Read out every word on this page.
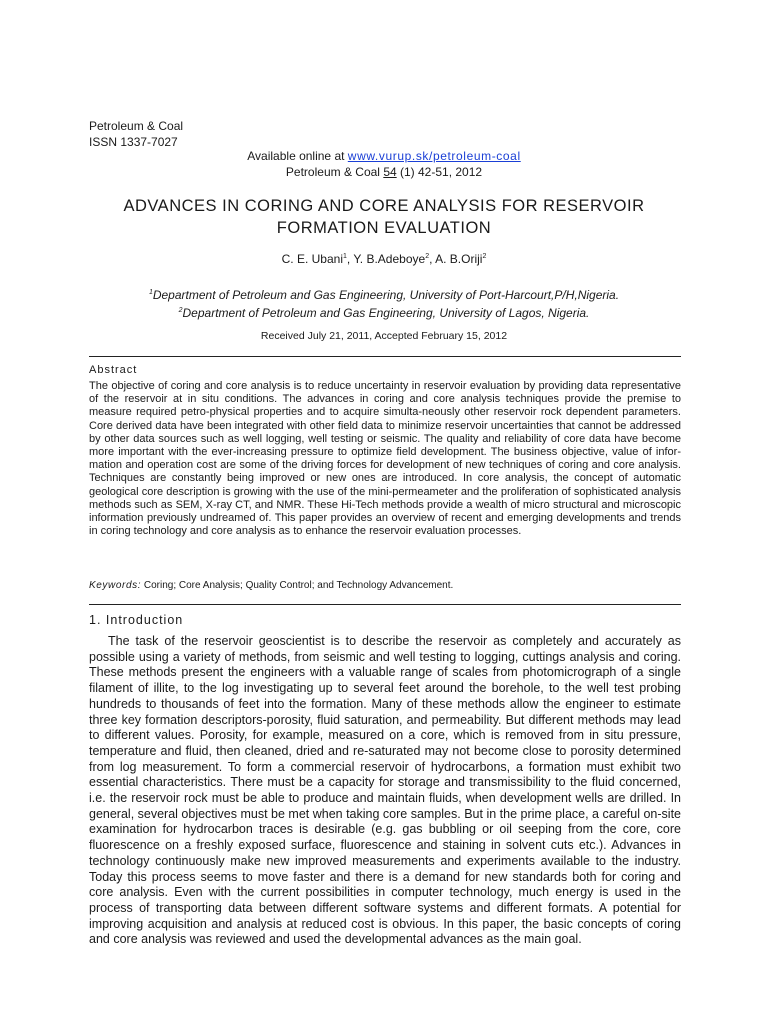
Petroleum & Coal
ISSN 1337-7027
Available online at www.vurup.sk/petroleum-coal
Petroleum & Coal 54 (1) 42-51, 2012
ADVANCES IN CORING AND CORE ANALYSIS FOR RESERVOIR
FORMATION EVALUATION
C. E. Ubani$^1$, Y. B.Adeboye$^2$, A. B.Oriji$^2$
$^1$Department of Petroleum and Gas Engineering, University of Port-Harcourt,P/H,Nigeria.
$^2$Department of Petroleum and Gas Engineering, University of Lagos, Nigeria.
Received July 21, 2011, Accepted February 15, 2012
Abstract

The objective of coring and core analysis is to reduce uncertainty in reservoir evaluation by providing data representative of the reservoir at in situ conditions. The advances in coring and core analysis techniques provide the premise to measure required petro-physical properties and to acquire simulta-neously other reservoir rock dependent parameters. Core derived data have been integrated with other field data to minimize reservoir uncertainties that cannot be addressed by other data sources such as well logging, well testing or seismic. The quality and reliability of core data have become more important with the ever-increasing pressure to optimize field development. The business objective, value of infor-mation and operation cost are some of the driving forces for development of new techniques of coring and core analysis. Techniques are constantly being improved or new ones are introduced. In core analysis, the concept of automatic geological core description is growing with the use of the mini-permeameter and the proliferation of sophisticated analysis methods such as SEM, X-ray CT, and NMR. These Hi-Tech methods provide a wealth of micro structural and microscopic information previously undreamed of. This paper provides an overview of recent and emerging developments and trends in coring technology and core analysis as to enhance the reservoir evaluation processes.

Keywords: Coring; Core Analysis; Quality Control; and Technology Advancement.
1. Introduction

The task of the reservoir geoscientist is to describe the reservoir as completely and accurately as possible using a variety of methods, from seismic and well testing to logging, cuttings analysis and coring. These methods present the engineers with a valuable range of scales from photomicrograph of a single filament of illite, to the log investigating up to several feet around the borehole, to the well test probing hundreds to thousands of feet into the formation. Many of these methods allow the engineer to estimate three key formation descriptors-porosity, fluid saturation, and permeability. But different methods may lead to different values. Porosity, for example, measured on a core, which is removed from in situ pressure, temperature and fluid, then cleaned, dried and re-saturated may not become close to porosity determined from log measurement. To form a commercial reservoir of hydrocarbons, a formation must exhibit two essential characteristics. There must be a capacity for storage and transmissibility to the fluid concerned, i.e. the reservoir rock must be able to produce and maintain fluids, when development wells are drilled. In general, several objectives must be met when taking core samples. But in the prime place, a careful on-site examination for hydrocarbon traces is desirable (e.g. gas bubbling or oil seeping from the core, core fluorescence on a freshly exposed surface, fluorescence and staining in solvent cuts etc.). Advances in technology continuously make new improved measurements and experiments available to the industry. Today this process seems to move faster and there is a demand for new standards both for coring and core analysis. Even with the current possibilities in computer technology, much energy is used in the process of transporting data between different software systems and different formats. A potential for improving acquisition and analysis at reduced cost is obvious. In this paper, the basic concepts of coring and core analysis was reviewed and used the developmental advances as the main goal.
